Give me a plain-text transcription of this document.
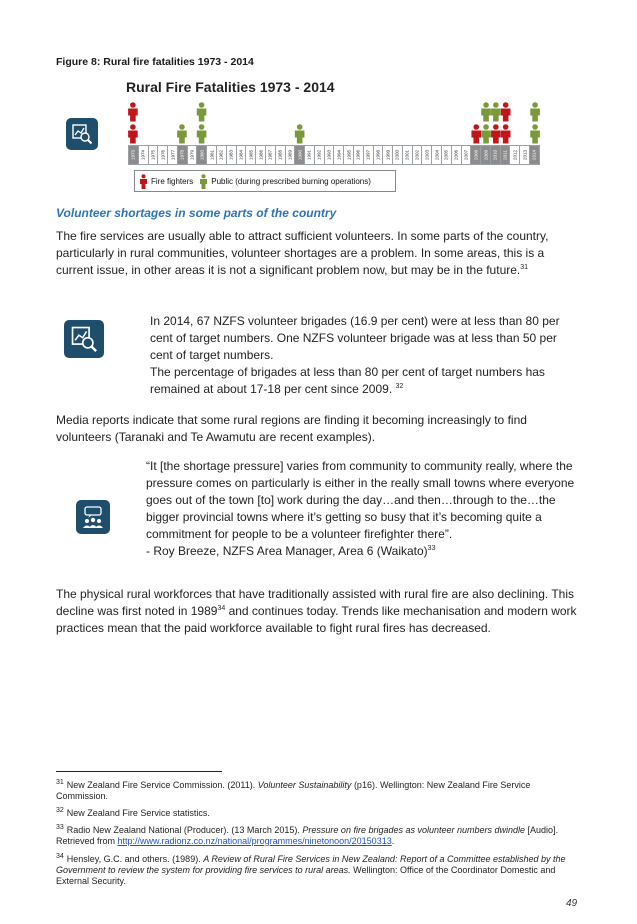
Figure 8: Rural fire fatalities 1973 - 2014
Rural Fire Fatalities 1973 - 2014
1973 1974 1975 1976 1977 1978 1979 1980 1981 1982 1983 1984 1985 1986 1987 1988 1989 1990 1991 1992 1993 1994 1995 1996 1997 1998 1999 2000 2001 2002 2003 2004 2005 2006 2007 2008 2009 2010 2011 2012 2013 2014
Fire fighters Public (during prescribed burning operations)
Volunteer shortages in some parts of the country
The fire services are usually able to attract sufficient volunteers. In some parts of the country, particularly in rural communities, volunteer shortages are a problem. In some areas, this is a current issue, in other areas it is not a significant problem now, but may be in the future.$^{31}$
In 2014, 67 NZFS volunteer brigades (16.9 per cent) were at less than 80 per cent of target numbers. One NZFS volunteer brigade was at less than 50 per cent of target numbers.
The percentage of brigades at less than 80 per cent of target numbers has remained at about 17-18 per cent since 2009. $^{32}$
Media reports indicate that some rural regions are finding it becoming increasingly to find volunteers (Taranaki and Te Awamutu are recent examples).
“It [the shortage pressure] varies from community to community really, where the pressure comes on particularly is either in the really small towns where everyone goes out of the town [to] work during the day…and then…through to the…the bigger provincial towns where it’s getting so busy that it’s becoming quite a commitment for people to be a volunteer firefighter there”.
- Roy Breeze, NZFS Area Manager, Area 6 (Waikato)$^{33}$
The physical rural workforces that have traditionally assisted with rural fire are also declining. This decline was first noted in 1989$^{34}$ and continues today. Trends like mechanisation and modern work practices mean that the paid workforce available to fight rural fires has decreased.
$^{31}$ New Zealand Fire Service Commission. (2011). Volunteer Sustainability (p16). Wellington: New Zealand Fire Service Commission.
$^{32}$ New Zealand Fire Service statistics.
$^{33}$ Radio New Zealand National (Producer). (13 March 2015). Pressure on fire brigades as volunteer numbers dwindle [Audio]. Retrieved from http://www.radionz.co.nz/national/programmes/ninetonoon/20150313.
$^{34}$ Hensley, G.C. and others. (1989). A Review of Rural Fire Services in New Zealand: Report of a Committee established by the Government to review the system for providing fire services to rural areas. Wellington: Office of the Coordinator Domestic and External Security.
49
